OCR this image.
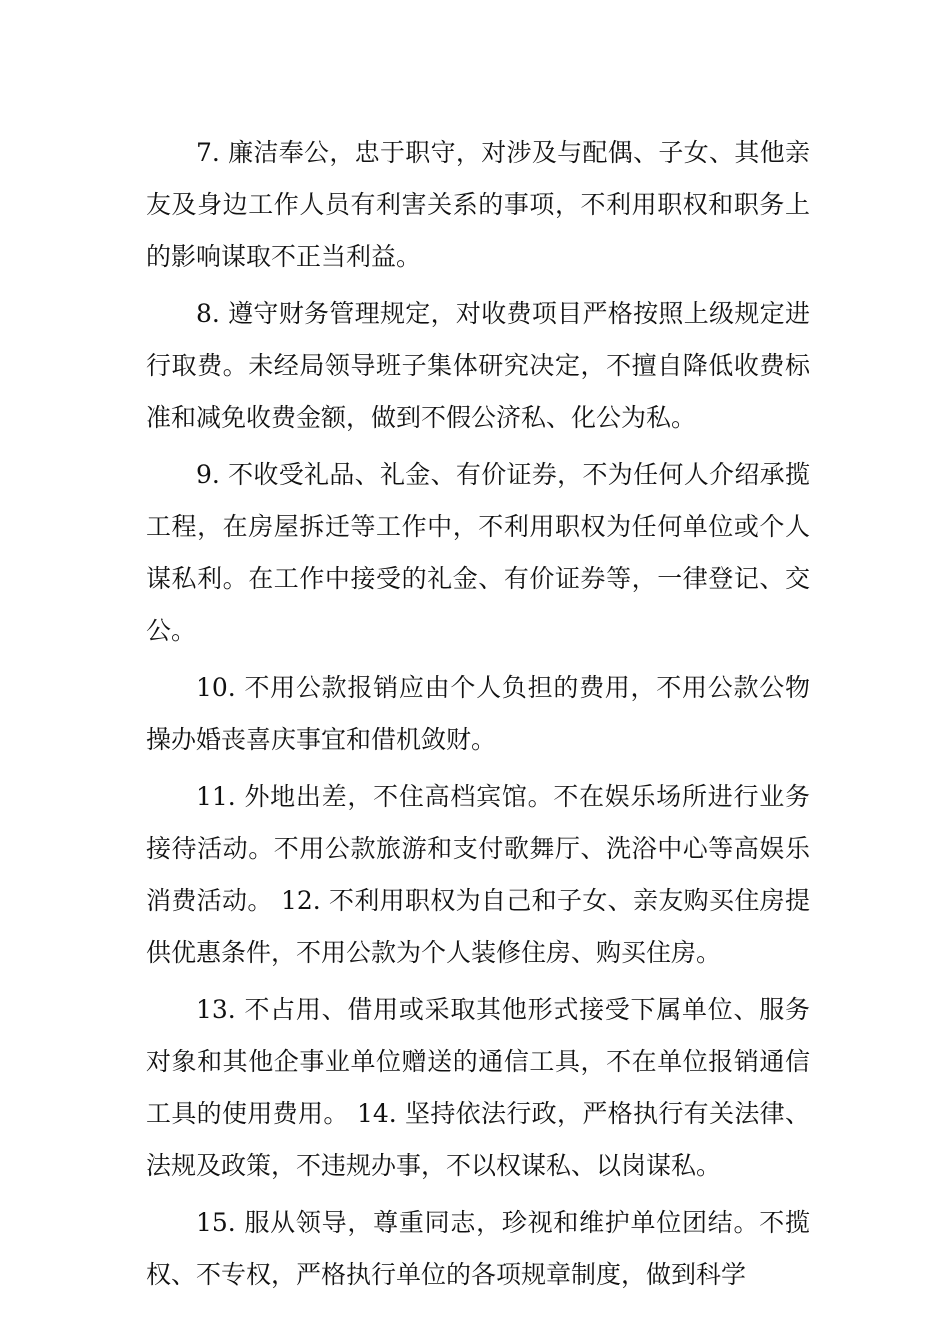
7. 廉洁奉公，忠于职守，对涉及与配偶、子女、其他亲友及身边工作人员有利害关系的事项，不利用职权和职务上的影响谋取不正当利益。

8. 遵守财务管理规定，对收费项目严格按照上级规定进行取费。未经局领导班子集体研究决定，不擅自降低收费标准和减免收费金额，做到不假公济私、化公为私。

9. 不收受礼品、礼金、有价证券，不为任何人介绍承揽工程，在房屋拆迁等工作中，不利用职权为任何单位或个人谋私利。在工作中接受的礼金、有价证券等，一律登记、交公。

10. 不用公款报销应由个人负担的费用，不用公款公物操办婚丧喜庆事宜和借机敛财。

11. 外地出差，不住高档宾馆。不在娱乐场所进行业务接待活动。不用公款旅游和支付歌舞厅、洗浴中心等高娱乐消费活动。 12. 不利用职权为自己和子女、亲友购买住房提供优惠条件，不用公款为个人装修住房、购买住房。

13. 不占用、借用或采取其他形式接受下属单位、服务对象和其他企事业单位赠送的通信工具，不在单位报销通信工具的使用费用。 14. 坚持依法行政，严格执行有关法律、法规及政策，不违规办事，不以权谋私、以岗谋私。

15. 服从领导，尊重同志，珍视和维护单位团结。不揽权、不专权，严格执行单位的各项规章制度，做到科学
